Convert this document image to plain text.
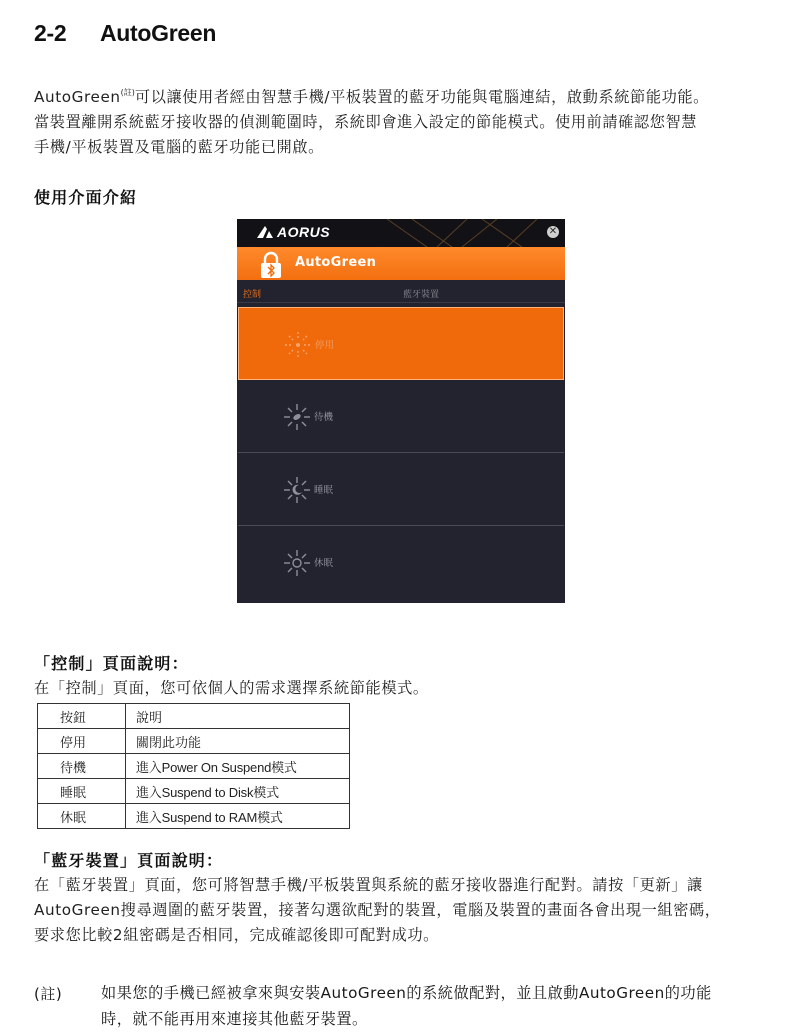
2-2 AutoGreen
AutoGreen$^{(註)}$可以讓使用者經由智慧手機/平板裝置的藍牙功能與電腦連結，啟動系統節能功能。
當裝置離開系統藍牙接收器的偵測範圍時，系統即會進入設定的節能模式。使用前請確認您智慧
手機/平板裝置及電腦的藍牙功能已開啟。
使用介面介紹
AORUS	✕
AutoGreen
控制	藍牙裝置
停用
待機
睡眠
休眠
「控制」頁面說明：
在「控制」頁面，您可依個人的需求選擇系統節能模式。
按鈕	說明
停用	關閉此功能
待機	進入Power On Suspend模式
睡眠	進入Suspend to Disk模式
休眠	進入Suspend to RAM模式
「藍牙裝置」頁面說明：
在「藍牙裝置」頁面，您可將智慧手機/平板裝置與系統的藍牙接收器進行配對。請按「更新」讓
AutoGreen搜尋週圍的藍牙裝置，接著勾選欲配對的裝置，電腦及裝置的畫面各會出現一組密碼，
要求您比較2組密碼是否相同，完成確認後即可配對成功。
(註)	如果您的手機已經被拿來與安裝AutoGreen的系統做配對，並且啟動AutoGreen的功能
時，就不能再用來連接其他藍牙裝置。
